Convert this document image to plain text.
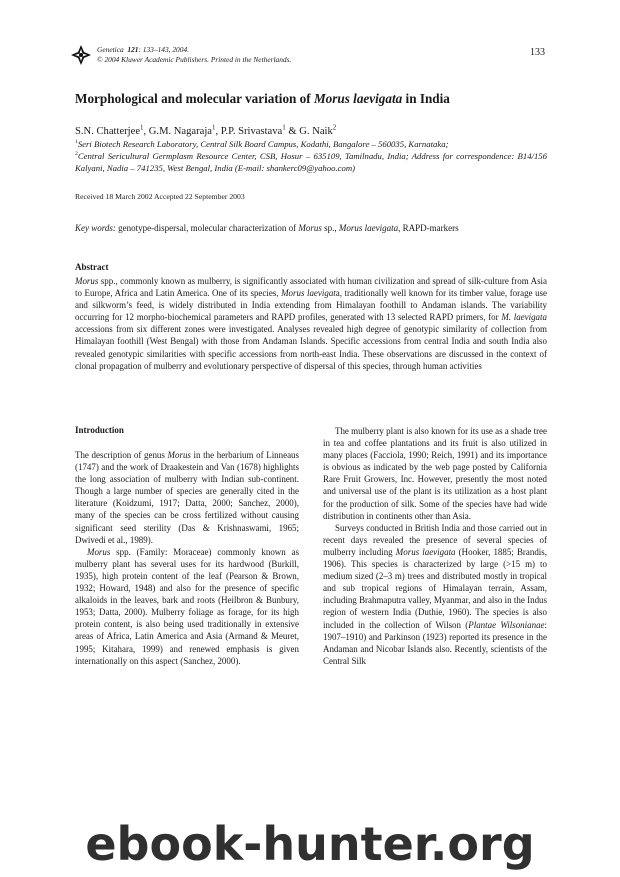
Genetica 121: 133–143, 2004.
© 2004 Kluwer Academic Publishers. Printed in the Netherlands.
133
Morphological and molecular variation of Morus laevigata in India
S.N. Chatterjee$^1$, G.M. Nagaraja$^1$, P.P. Srivastava$^1$ & G. Naik$^2$
$^1$Seri Biotech Research Laboratory, Central Silk Board Campus, Kodathi, Bangalore – 560035, Karnataka;
$^2$Central Sericultural Germplasm Resource Center, CSB, Hosur – 635109, Tamilnadu, India; Address for correspondence: B14/156 Kalyani, Nadia – 741235, West Bengal, India (E-mail: shankerc09@yahoo.com)
Received 18 March 2002 Accepted 22 September 2003
Key words: genotype-dispersal, molecular characterization of Morus sp., Morus laevigata, RAPD-markers
Abstract
Morus spp., commonly known as mulberry, is significantly associated with human civilization and spread of silk-culture from Asia to Europe, Africa and Latin America. One of its species, Morus laevigata, traditionally well known for its timber value, forage use and silkworm’s feed, is widely distributed in India extending from Himalayan foothill to Andaman islands. The variability occurring for 12 morpho-biochemical parameters and RAPD profiles, generated with 13 selected RAPD primers, for M. laevigata accessions from six different zones were investigated. Analyses revealed high degree of genotypic similarity of collection from Himalayan foothill (West Bengal) with those from Andaman Islands. Specific accessions from central India and south India also revealed genotypic similarities with specific accessions from north-east India. These observations are discussed in the context of clonal propagation of mulberry and evolutionary perspective of dispersal of this species, through human activities
Introduction

The description of genus Morus in the herbarium of Linneaus (1747) and the work of Draakestein and Van (1678) highlights the long association of mulberry with Indian sub-continent. Though a large number of species are generally cited in the literature (Koidzumi, 1917; Datta, 2000; Sanchez, 2000), many of the species can be cross fertilized without causing significant seed sterility (Das & Krishnaswami, 1965; Dwivedi et al., 1989).

Morus spp. (Family: Moraceae) commonly known as mulberry plant has several uses for its hardwood (Burkill, 1935), high protein content of the leaf (Pearson & Brown, 1932; Howard, 1948) and also for the presence of specific alkaloids in the leaves, bark and roots (Heilbron & Bunbury, 1953; Datta, 2000). Mulberry foliage as forage, for its high protein content, is also being used traditionally in extensive areas of Africa, Latin America and Asia (Armand & Meuret, 1995; Kitahara, 1999) and renewed emphasis is given internationally on this aspect (Sanchez, 2000).

The mulberry plant is also known for its use as a shade tree in tea and coffee plantations and its fruit is also utilized in many places (Facciola, 1990; Reich, 1991) and its importance is obvious as indicated by the web page posted by California Rare Fruit Growers, Inc. However, presently the most noted and universal use of the plant is its utilization as a host plant for the production of silk. Some of the species have had wide distribution in continents other than Asia.

Surveys conducted in British India and those carried out in recent days revealed the presence of several species of mulberry including Morus laevigata (Hooker, 1885; Brandis, 1906). This species is characterized by large (>15 m) to medium sized (2–3 m) trees and distributed mostly in tropical and sub tropical regions of Himalayan terrain, Assam, including Brahmaputra valley, Myanmar, and also in the Indus region of western India (Duthie, 1960). The species is also included in the collection of Wilson (Plantae Wilsonianae: 1907–1910) and Parkinson (1923) reported its presence in the Andaman and Nicobar Islands also. Recently, scientists of the Central Silk

ebook-hunter.org
